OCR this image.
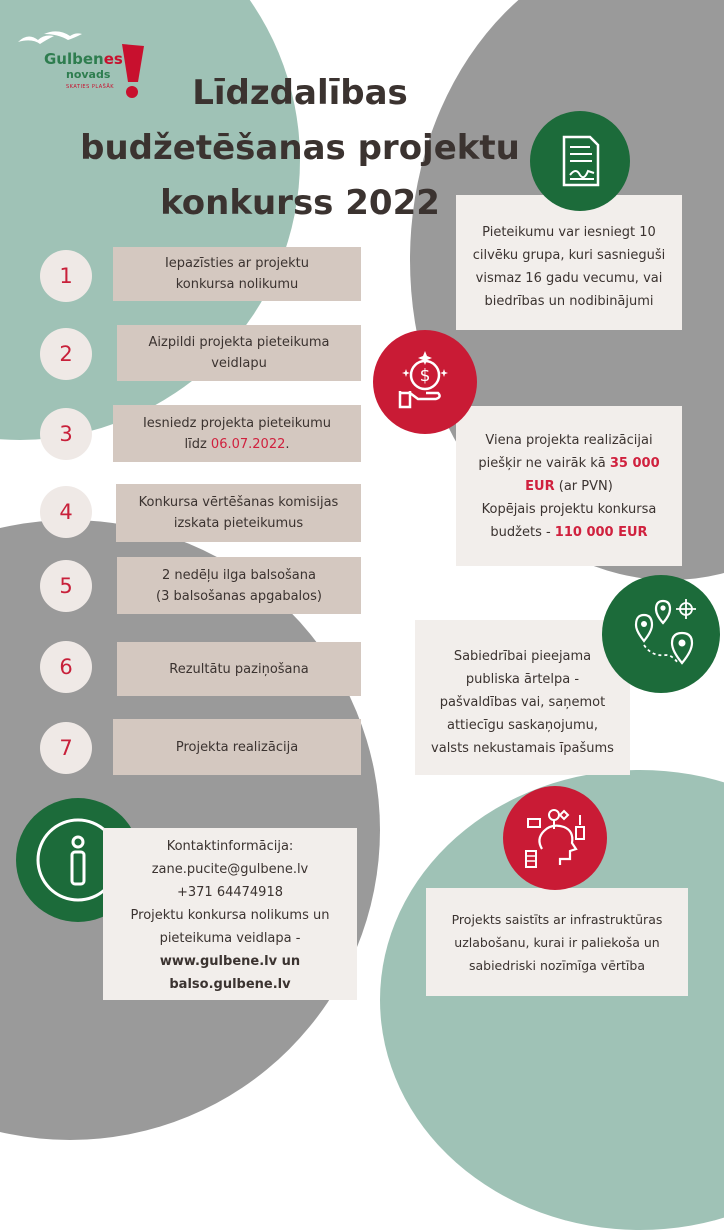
Gulbenes
novads
SKATIES PLAŠĀK	Līdzdalības
budžetēšanas projektu
konkurss 2022
1
Iepazīsties ar projektu
konkursa nolikumu
2	Aizpildi projekta pieteikuma
veidlapu
3	Iesniedz projekta pieteikumu
līdz 06.07.2022.
4	Konkursa vērtēšanas komisijas
izskata pieteikumus
5	2 nedēļu ilga balsošana
(3 balsošanas apgabalos)
6	Rezultātu paziņošana
7	Projekta realizācija
Pieteikumu var iesniegt 10
cilvēku grupa, kuri sasnieguši
vismaz 16 gadu vecumu, vai
biedrības un nodibinājumi
Viena projekta realizācijai
piešķir ne vairāk kā 35 000
EUR (ar PVN)
Kopējais projektu konkursa
budžets - 110 000 EUR
$
Sabiedrībai pieejama
publiska ārtelpa -
pašvaldības vai, saņemot
attiecīgu saskaņojumu,
valsts nekustamais īpašums
Projekts saistīts ar infrastruktūras
uzlabošanu, kurai ir paliekoša un
sabiedriski nozīmīga vērtība
Kontaktinformācija:
zane.pucite@gulbene.lv
+371 64474918
Projektu konkursa nolikums un
pieteikuma veidlapa -
www.gulbene.lv un balso.gulbene.lv
